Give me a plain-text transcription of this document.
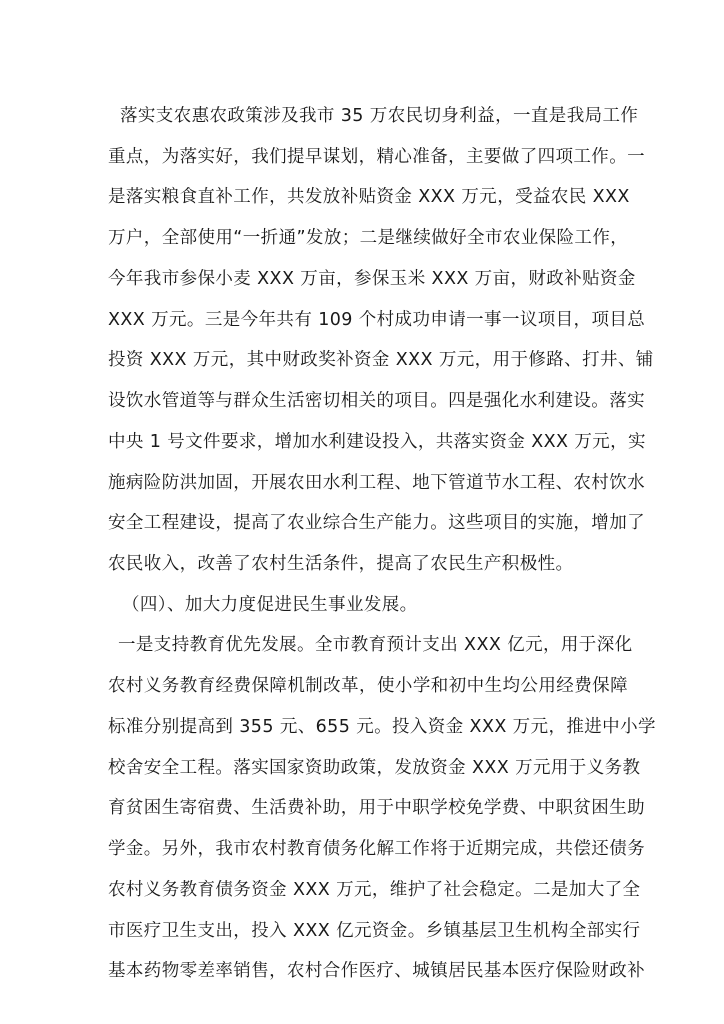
落实支农惠农政策涉及我市 35 万农民切身利益，一直是我局工作
重点，为落实好，我们提早谋划，精心准备，主要做了四项工作。一
是落实粮食直补工作，共发放补贴资金 XXX 万元，受益农民 XXX
万户，全部使用“一折通”发放；二是继续做好全市农业保险工作，
今年我市参保小麦 XXX 万亩，参保玉米 XXX 万亩，财政补贴资金
XXX 万元。三是今年共有 109 个村成功申请一事一议项目，项目总
投资 XXX 万元，其中财政奖补资金 XXX 万元，用于修路、打井、铺
设饮水管道等与群众生活密切相关的项目。四是强化水利建设。落实
中央 1 号文件要求，增加水利建设投入，共落实资金 XXX 万元，实
施病险防洪加固，开展农田水利工程、地下管道节水工程、农村饮水
安全工程建设，提高了农业综合生产能力。这些项目的实施，增加了
农民收入，改善了农村生活条件，提高了农民生产积极性。
（四）、加大力度促进民生事业发展。
一是支持教育优先发展。全市教育预计支出 XXX 亿元，用于深化
农村义务教育经费保障机制改革，使小学和初中生均公用经费保障
标准分别提高到 355 元、655 元。投入资金 XXX 万元，推进中小学
校舍安全工程。落实国家资助政策，发放资金 XXX 万元用于义务教
育贫困生寄宿费、生活费补助，用于中职学校免学费、中职贫困生助
学金。另外，我市农村教育债务化解工作将于近期完成，共偿还债务
农村义务教育债务资金 XXX 万元，维护了社会稳定。二是加大了全
市医疗卫生支出，投入 XXX 亿元资金。乡镇基层卫生机构全部实行
基本药物零差率销售，农村合作医疗、城镇居民基本医疗保险财政补
